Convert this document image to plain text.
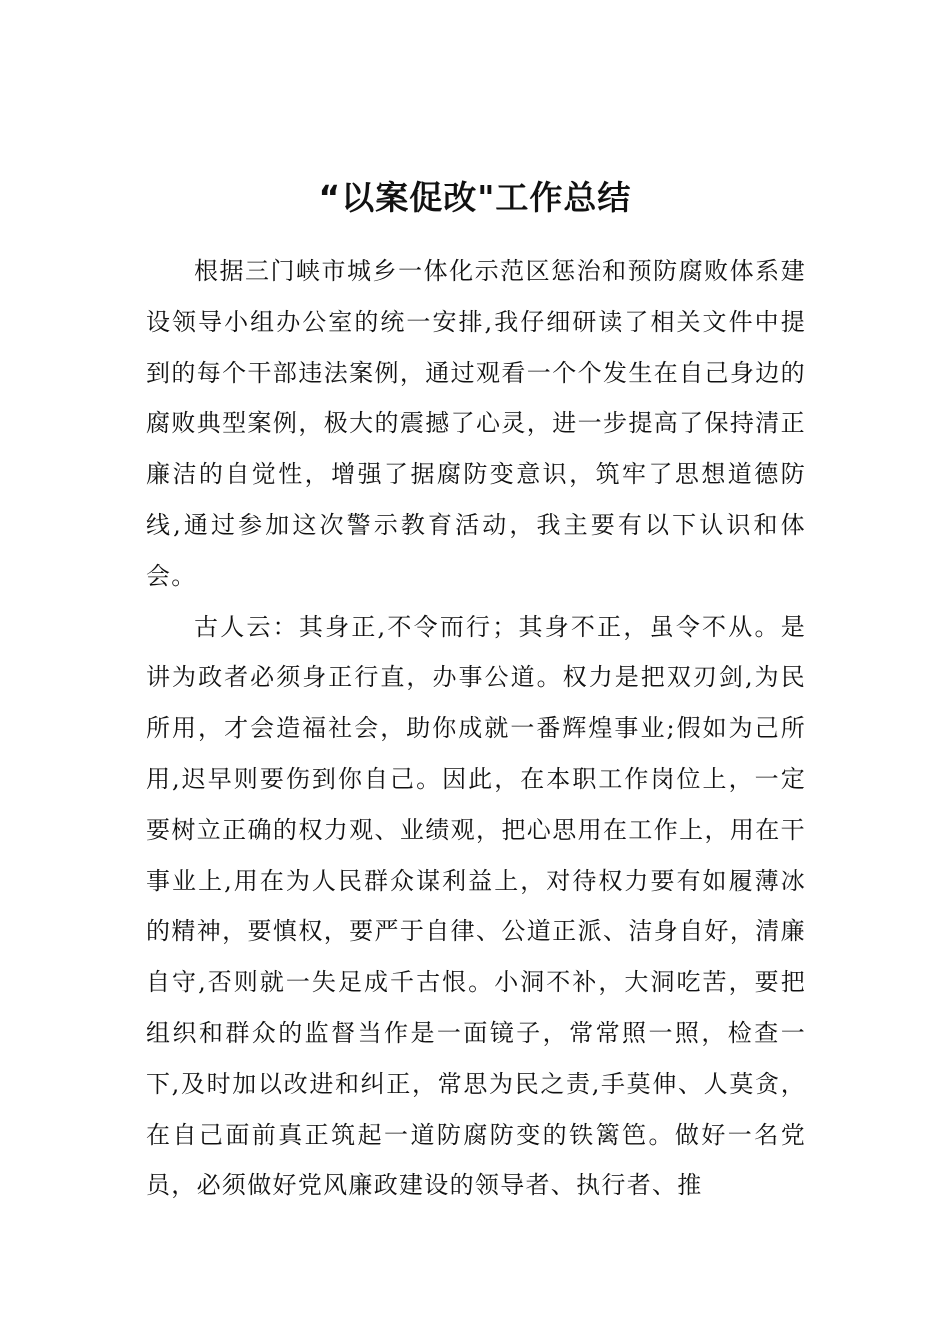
“以案促改"工作总结

根据三门峡市城乡一体化示范区惩治和预防腐败体系建设领导小组办公室的统一安排,我仔细研读了相关文件中提到的每个干部违法案例，通过观看一个个发生在自己身边的腐败典型案例，极大的震撼了心灵，进一步提高了保持清正廉洁的自觉性，增强了据腐防变意识，筑牢了思想道德防线,通过参加这次警示教育活动，我主要有以下认识和体会。

古人云：其身正,不令而行；其身不正，虽令不从。是讲为政者必须身正行直，办事公道。权力是把双刃剑,为民所用，才会造福社会，助你成就一番辉煌事业;假如为己所用,迟早则要伤到你自己。因此，在本职工作岗位上，一定要树立正确的权力观、业绩观，把心思用在工作上，用在干事业上,用在为人民群众谋利益上，对待权力要有如履薄冰的精神，要慎权，要严于自律、公道正派、洁身自好，清廉自守,否则就一失足成千古恨。小洞不补，大洞吃苦，要把组织和群众的监督当作是一面镜子，常常照一照，检查一下,及时加以改进和纠正，常思为民之责,手莫伸、人莫贪，在自己面前真正筑起一道防腐防变的铁篱笆。做好一名党员，必须做好党风廉政建设的领导者、执行者、推
